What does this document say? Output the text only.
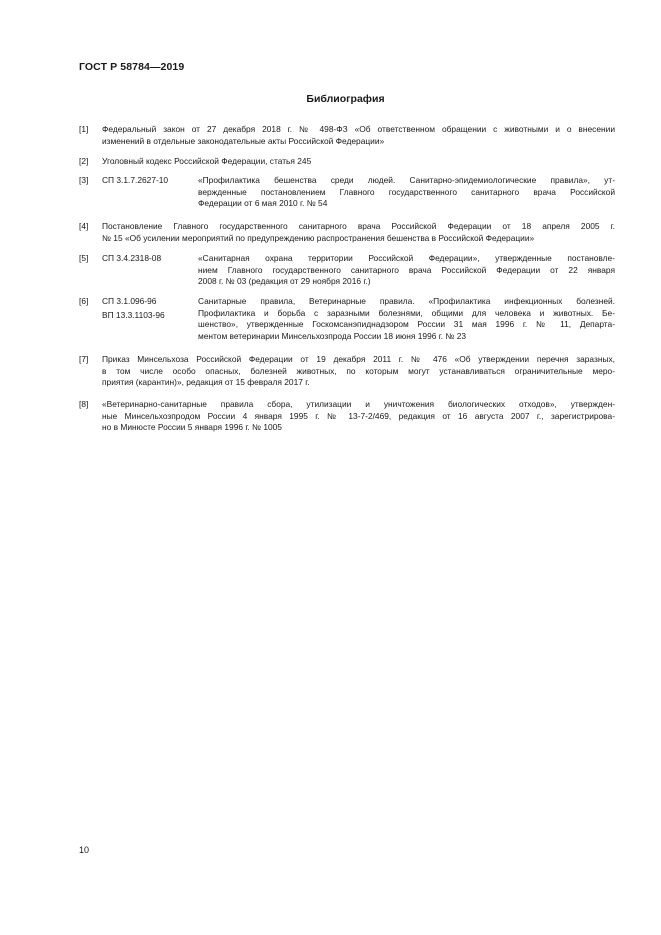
ГОСТ Р 58784—2019
Библиография
[1] Федеральный закон от 27 декабря 2018 г. № 498-ФЗ «Об ответственном обращении с животными и о внесении
изменений в отдельные законодательные акты Российской Федерации»
[2] Уголовный кодекс Российской Федерации, статья 245
[3] СП 3.1.7.2627-10	«Профилактика бешенства среди людей. Санитарно-эпидемиологические правила», ут-
вержденные постановлением Главного государственного санитарного врача Российской
Федерации от 6 мая 2010 г. № 54
[4] Постановление Главного государственного санитарного врача Российской Федерации от 18 апреля 2005 г.
№ 15 «Об усилении мероприятий по предупреждению распространения бешенства в Российской Федерации»
[5] СП 3.4.2318-08	«Санитарная охрана территории Российской Федерации», утвержденные постановле-
нием Главного государственного санитарного врача Российской Федерации от 22 января
2008 г. № 03 (редакция от 29 ноября 2016 г.)
[6] СП 3.1.096-96
ВП 13.3.1103-96
Санитарные правила, Ветеринарные правила. «Профилактика инфекционных болезней.
Профилактика и борьба с заразными болезнями, общими для человека и животных. Бе-
шенство», утвержденные Госкомсанэпиднадзором России 31 мая 1996 г. № 11, Департа-
ментом ветеринарии Минсельхозпрода России 18 июня 1996 г. № 23
[7] Приказ Минсельхоза Российской Федерации от 19 декабря 2011 г. № 476 «Об утверждении перечня заразных,
в том числе особо опасных, болезней животных, по которым могут устанавливаться ограничительные меро-
приятия (карантин)», редакция от 15 февраля 2017 г.
[8] «Ветеринарно-санитарные правила сбора, утилизации и уничтожения биологических отходов», утвержден-
ные Минсельхозпродом России 4 января 1995 г. № 13-7-2/469, редакция от 16 августа 2007 г., зарегистрирова-
но в Минюсте России 5 января 1996 г. № 1005
10
